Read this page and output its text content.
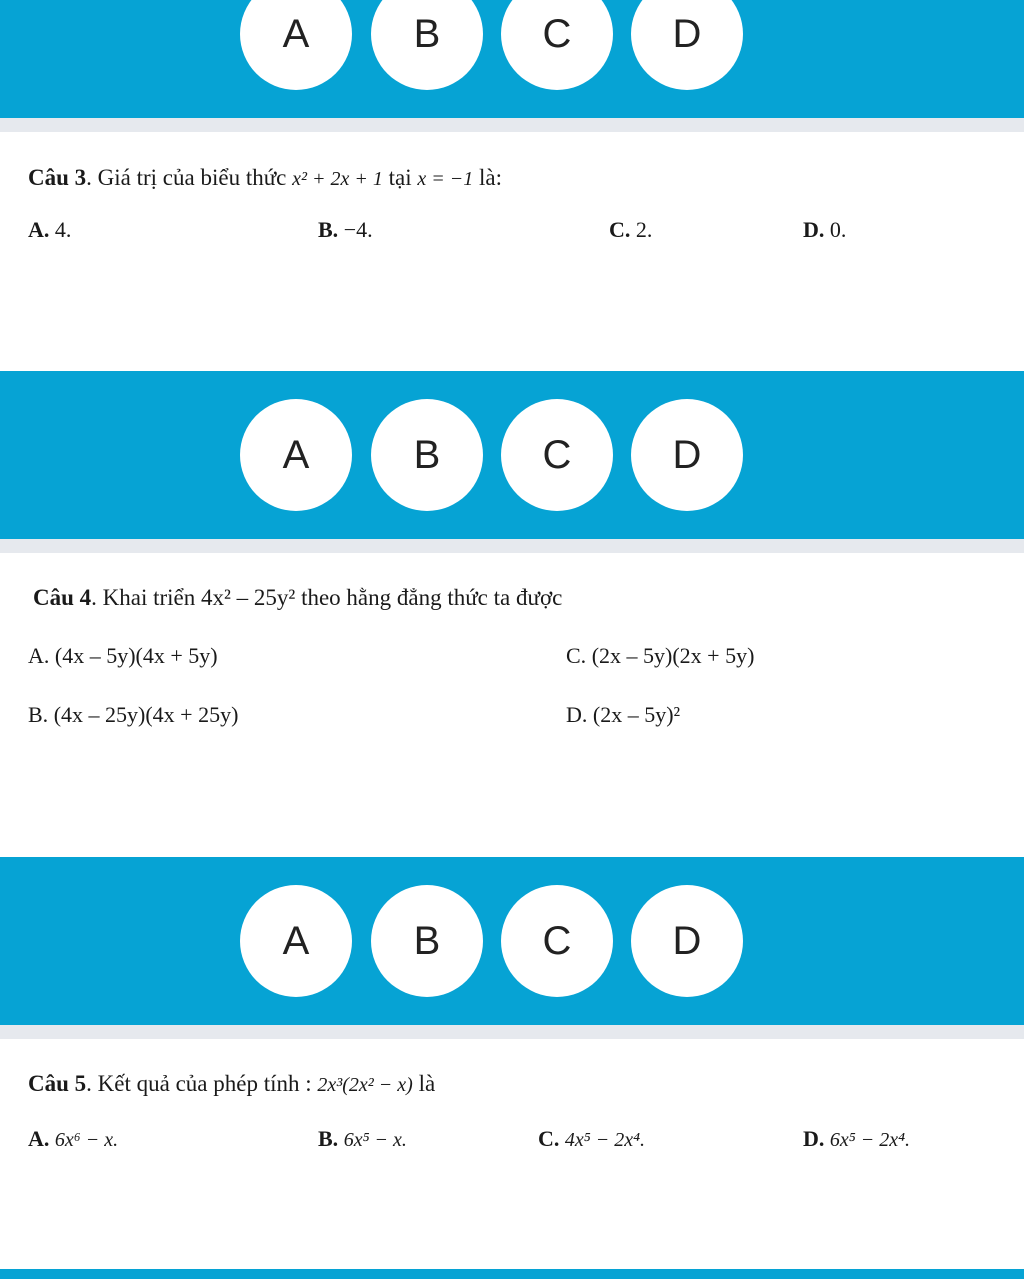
A	B	C	D
Câu 3. Giá trị của biểu thức x² + 2x + 1 tại x = −1 là:
A. 4.	B. −4.	C. 2.	D. 0.
A	B	C	D
Câu 4. Khai triển 4x² – 25y² theo hằng đẳng thức ta được
A. (4x – 5y)(4x + 5y)	C. (2x – 5y)(2x + 5y)
B. (4x – 25y)(4x + 25y)	D. (2x – 5y)²
A	B	C	D
Câu 5. Kết quả của phép tính : 2x³(2x² − x) là
A. 6x⁶ − x.	B. 6x⁵ − x.	C. 4x⁵ − 2x⁴.	D. 6x⁵ − 2x⁴.
